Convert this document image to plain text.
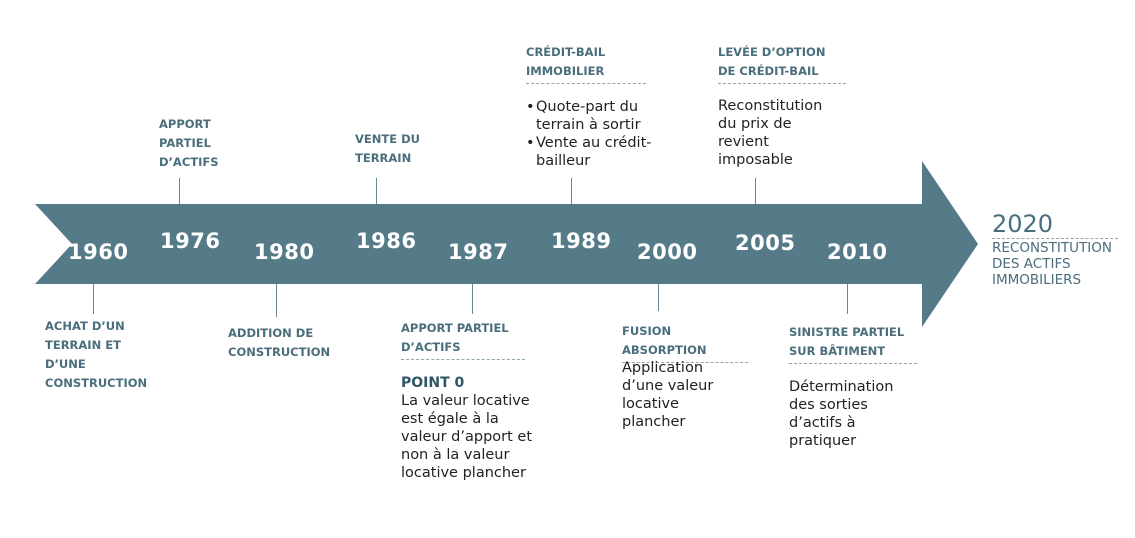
1960 1976 1980 1986 1987 1989 2000 2005 2010
ACHAT D’UN TERRAIN ET D’UNE CONSTRUCTION
APPORT PARTIEL D’ACTIFS
ADDITION DE CONSTRUCTION
VENTE DU TERRAIN
APPORT PARTIEL D’ACTIFS
POINT 0
La valeur locative est égale à la valeur d’apport et non à la valeur locative plancher
CRÉDIT-BAIL IMMOBILIER
• Quote-part du terrain à sortir
• Vente au crédit-bailleur
FUSION ABSORPTION
Application d’une valeur locative plancher
LEVÉE D’OPTION DE CRÉDIT-BAIL
Reconstitution du prix de revient imposable
SINISTRE PARTIEL SUR BÂTIMENT
Détermination des sorties d’actifs à pratiquer
2020
RECONSTITUTION DES ACTIFS IMMOBILIERS
